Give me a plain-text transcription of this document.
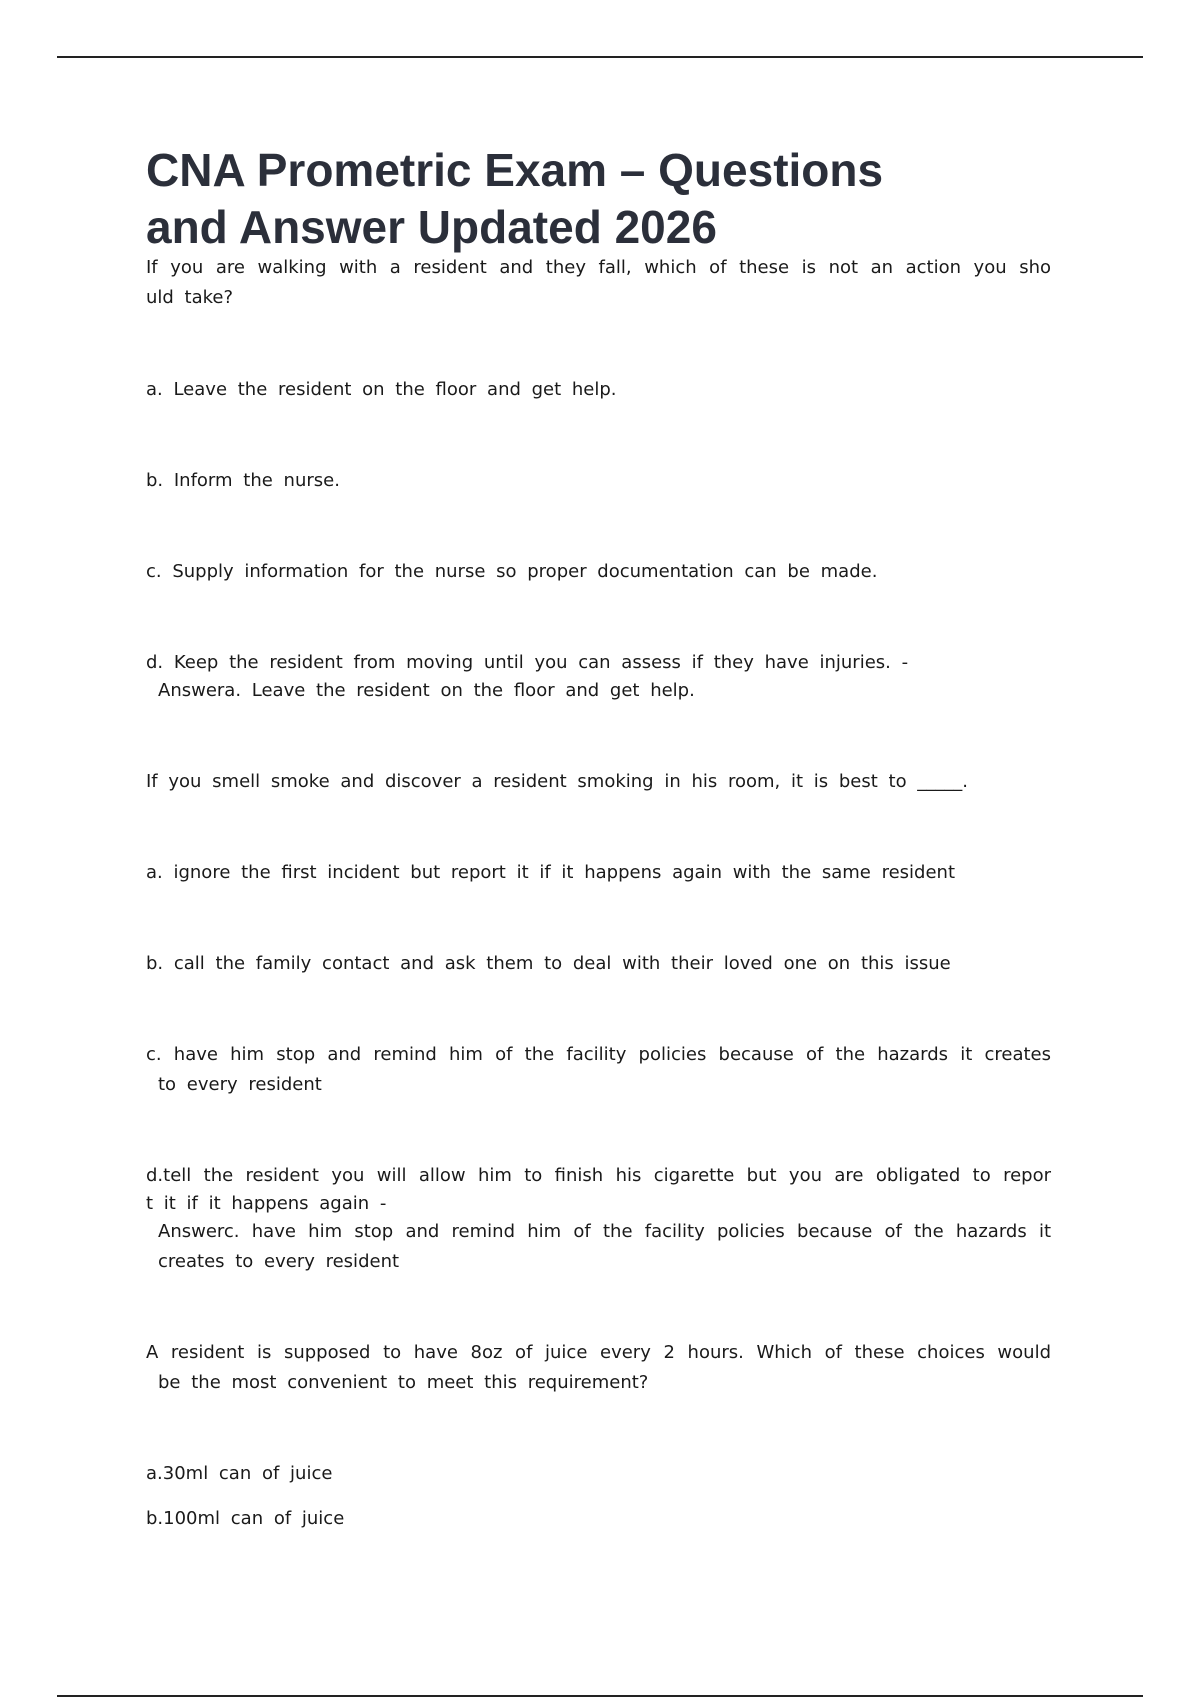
CNA Prometric Exam – Questions
and Answer Updated 2026
If you are walking with a resident and they fall, which of these is not an action you sho
uld take?
a. Leave the resident on the floor and get help.
b. Inform the nurse.
c. Supply information for the nurse so proper documentation can be made.
d. Keep the resident from moving until you can assess if they have injuries. -
Answera. Leave the resident on the floor and get help.
If you smell smoke and discover a resident smoking in his room, it is best to _____.
a. ignore the first incident but report it if it happens again with the same resident
b. call the family contact and ask them to deal with their loved one on this issue
c. have him stop and remind him of the facility policies because of the hazards it creates
to every resident
d.tell the resident you will allow him to finish his cigarette but you are obligated to repor
t it if it happens again -
Answerc. have him stop and remind him of the facility policies because of the hazards it
creates to every resident
A resident is supposed to have 8oz of juice every 2 hours. Which of these choices would
be the most convenient to meet this requirement?
a.30ml can of juice
b.100ml can of juice
